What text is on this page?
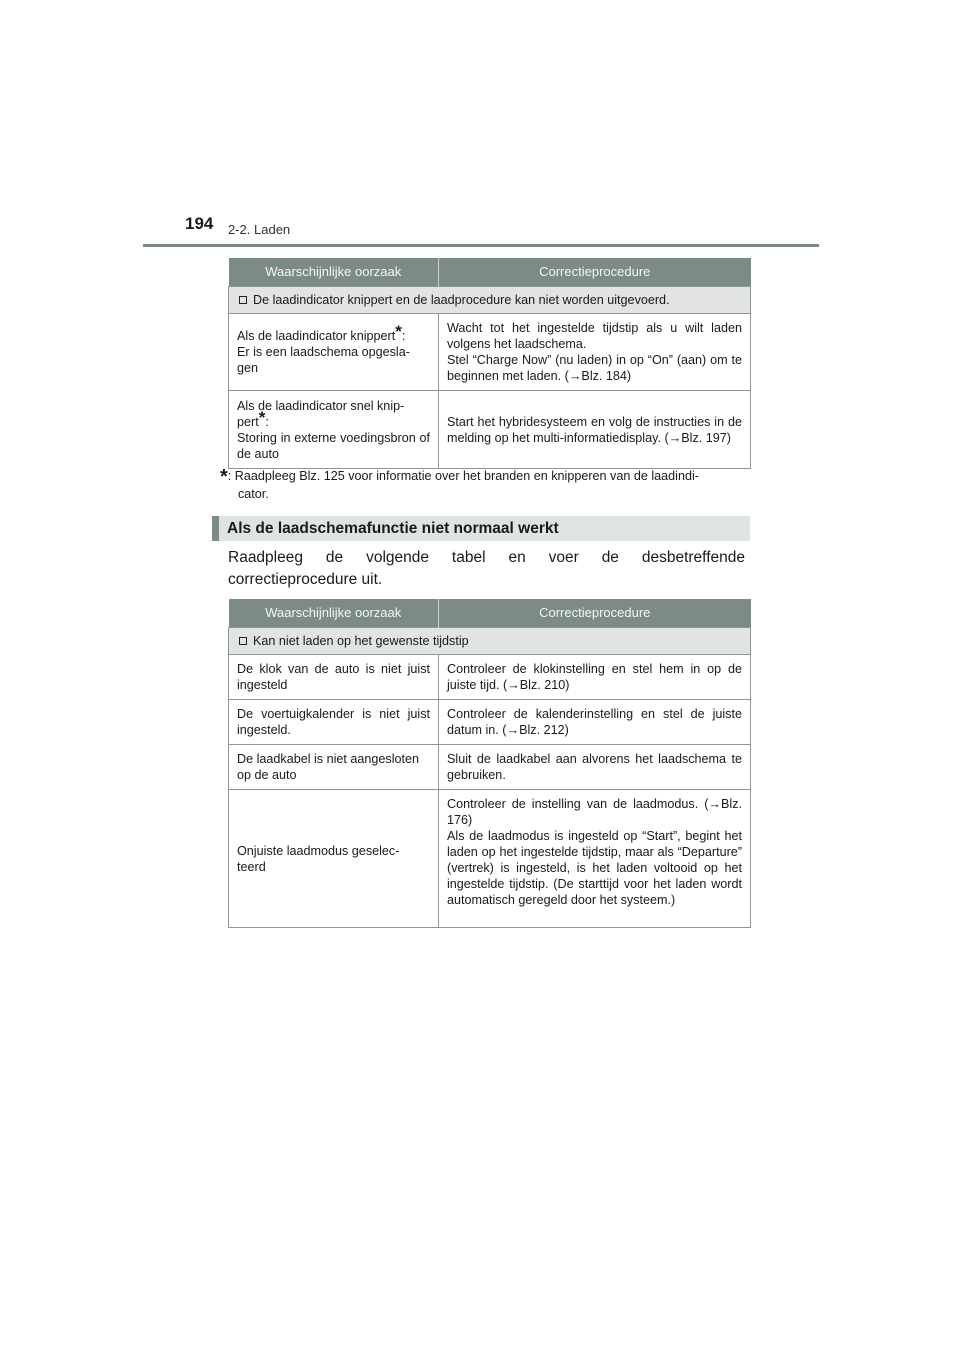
194 2-2. Laden
Waarschijnlijke oorzaak	Correctieprocedure
De laadindicator knippert en de laadprocedure kan niet worden uitgevoerd.	
Als de laadindicator knippert*:
Er is een laadschema opgesla-
gen	Wacht tot het ingestelde tijdstip als u wilt laden volgens het laadschema.
Stel “Charge Now” (nu laden) in op “On” (aan) om te beginnen met laden. (→Blz. 184)
Als de laadindicator snel knip-
pert*:
Storing in externe voedingsbron of de auto	Start het hybridesysteem en volg de instructies in de melding op het multi-informatiedisplay. (→Blz. 197)
*: Raadpleeg Blz. 125 voor informatie over het branden en knipperen van de laadindi-
cator.
Als de laadschemafunctie niet normaal werkt
Raadpleeg de volgende tabel en voer de desbetreffende correctieprocedure uit.
Waarschijnlijke oorzaak	Correctieprocedure
Kan niet laden op het gewenste tijdstip	
De klok van de auto is niet juist ingesteld	Controleer de klokinstelling en stel hem in op de juiste tijd. (→Blz. 210)
De voertuigkalender is niet juist ingesteld.	Controleer de kalenderinstelling en stel de juiste datum in. (→Blz. 212)
De laadkabel is niet aangesloten op de auto	Sluit de laadkabel aan alvorens het laadschema te gebruiken.
Onjuiste laadmodus geselec-
teerd	Controleer de instelling van de laadmodus. (→Blz. 176)
Als de laadmodus is ingesteld op “Start”, begint het laden op het ingestelde tijdstip, maar als “Departure” (vertrek) is ingesteld, is het laden voltooid op het ingestelde tijdstip. (De starttijd voor het laden wordt automatisch geregeld door het systeem.)
